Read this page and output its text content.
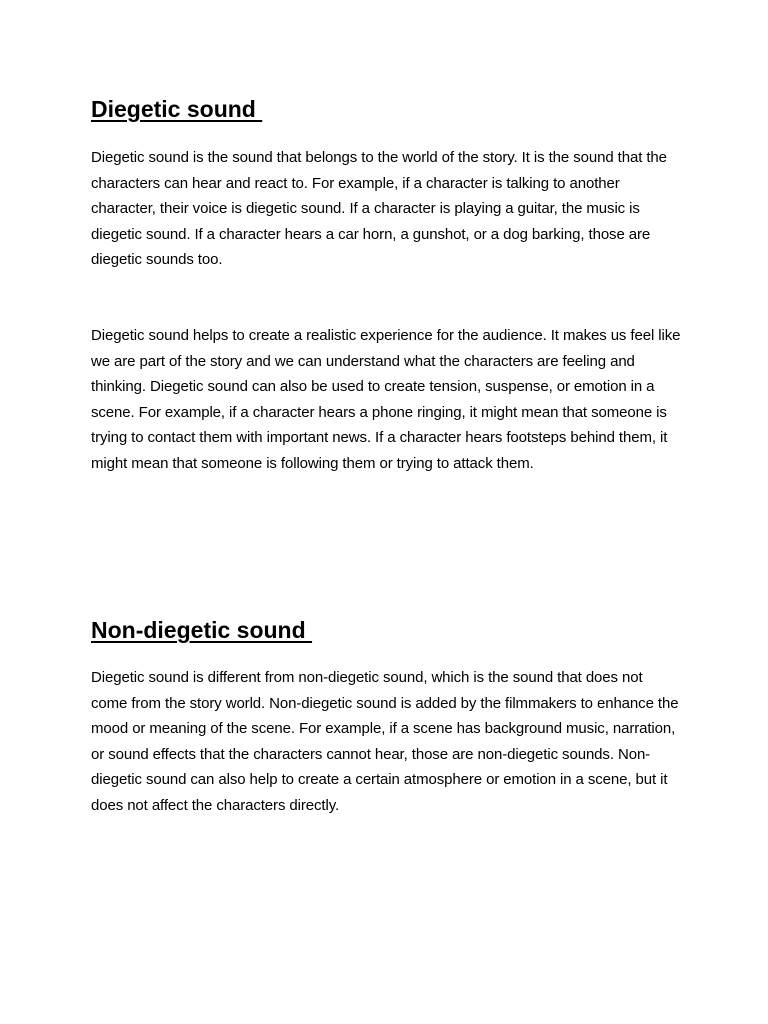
Diegetic sound

Diegetic sound is the sound that belongs to the world of the story. It is the sound that the characters can hear and react to. For example, if a character is talking to another character, their voice is diegetic sound. If a character is playing a guitar, the music is diegetic sound. If a character hears a car horn, a gunshot, or a dog barking, those are diegetic sounds too.

Diegetic sound helps to create a realistic experience for the audience. It makes us feel like we are part of the story and we can understand what the characters are feeling and thinking. Diegetic sound can also be used to create tension, suspense, or emotion in a scene. For example, if a character hears a phone ringing, it might mean that someone is trying to contact them with important news. If a character hears footsteps behind them, it might mean that someone is following them or trying to attack them.

Non-diegetic sound

Diegetic sound is different from non-diegetic sound, which is the sound that does not come from the story world. Non-diegetic sound is added by the filmmakers to enhance the mood or meaning of the scene. For example, if a scene has background music, narration, or sound effects that the characters cannot hear, those are non-diegetic sounds. Non-diegetic sound can also help to create a certain atmosphere or emotion in a scene, but it does not affect the characters directly.
